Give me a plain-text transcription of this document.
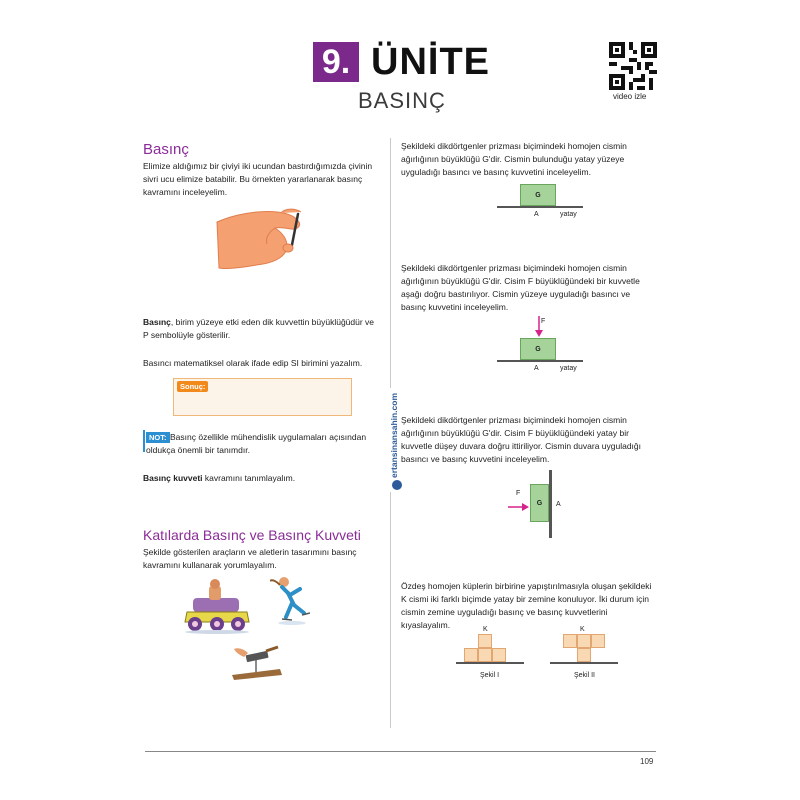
9. ÜNİTE
BASINÇ	video izle
Basınç
Elimize aldığımız bir çiviyi iki ucundan bastırdığımızda çivinin sivri ucu elimize batabilir. Bu örnekten yararlanarak basınç kavramını inceleyelim.
Basınç, birim yüzeye etki eden dik kuvvettin büyüklüğüdür ve P sembolüyle gösterilir.
Basıncı matematiksel olarak ifade edip SI birimini yazalım.
Sonuç:
NOT: Basınç özellikle mühendislik uygulamaları açısından oldukça önemli bir tanımdır.
Basınç kuvveti kavramını tanımlayalım.
Katılarda Basınç ve Basınç Kuvveti
Şekilde gösterilen araçların ve aletlerin tasarımını basınç kavramını kullanarak yorumlayalım.
ertansinansahin.com
Şekildeki dikdörtgenler prizması biçimindeki homojen cismin ağırlığının büyüklüğü G'dir. Cismin bulunduğu yatay yüzeye uyguladığı basıncı ve basınç kuvvetini inceleyelim.
G
A	yatay
Şekildeki dikdörtgenler prizması biçimindeki homojen cismin ağırlığının büyüklüğü G'dir. Cisim F büyüklüğündeki bir kuvvetle aşağı doğru bastırılıyor. Cismin yüzeye uyguladığı basıncı ve basınç kuvvetini inceleyelim.
F
G
A	yatay
Şekildeki dikdörtgenler prizması biçimindeki homojen cismin ağırlığının büyüklüğü G'dir. Cisim F büyüklüğündeki yatay bir kuvvetle düşey duvara doğru ittiriliyor. Cismin duvara uyguladığı basıncı ve basınç kuvvetini inceleyelim.
G	A
F
Özdeş homojen küplerin birbirine yapıştırılmasıyla oluşan şekildeki K cismi iki farklı biçimde yatay bir zemine konuluyor. İki durum için cismin zemine uyguladığı basınç ve basınç kuvvetlerini kıyaslayalım.	K
Şekil I
K
Şekil II
109
